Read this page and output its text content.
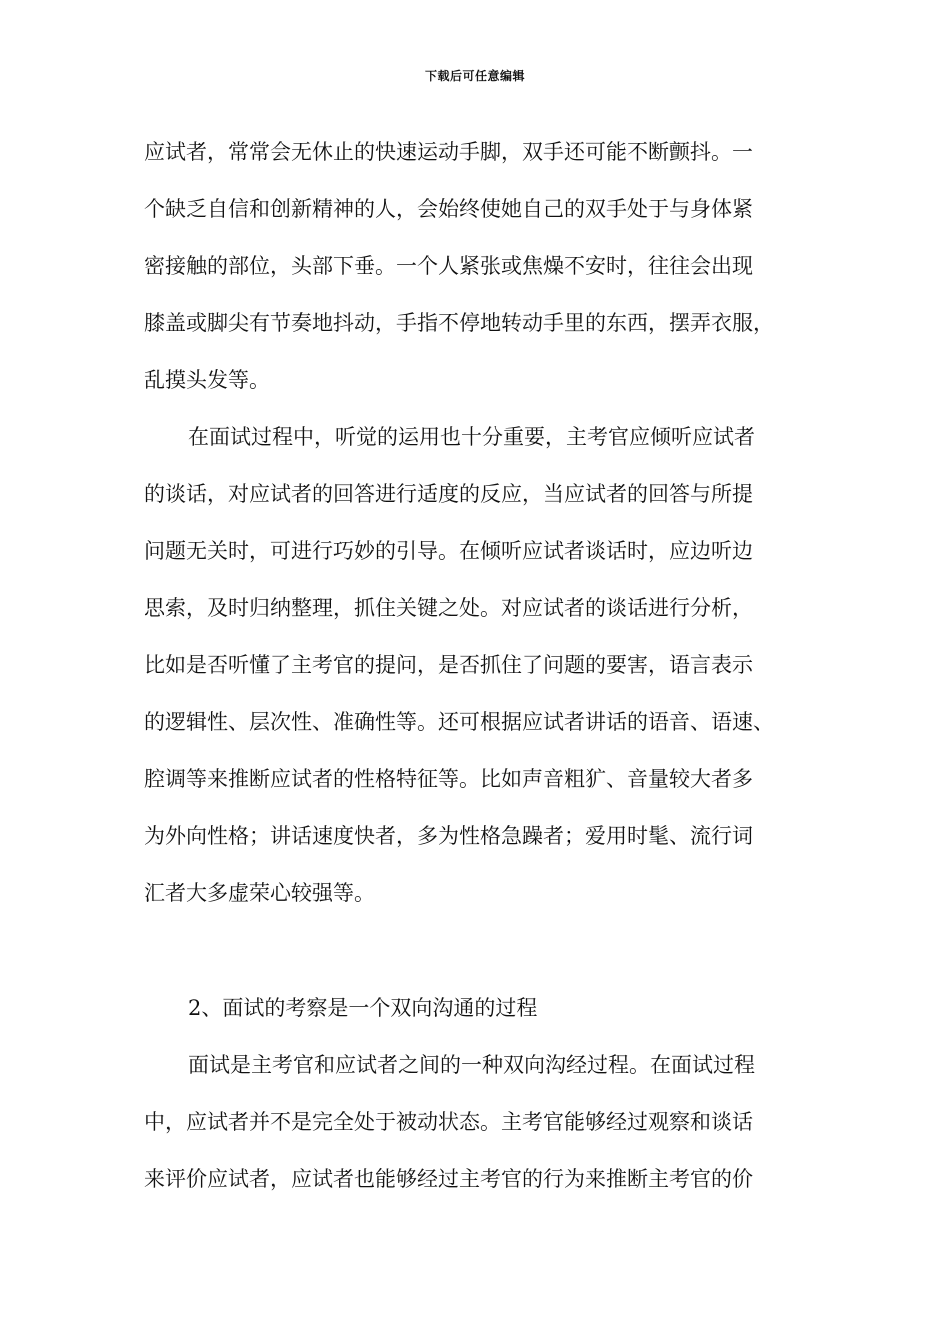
下载后可任意编辑
应试者，常常会无休止的快速运动手脚，双手还可能不断颤抖。一
个缺乏自信和创新精神的人，会始终使她自己的双手处于与身体紧
密接触的部位，头部下垂。一个人紧张或焦燥不安时，往往会出现
膝盖或脚尖有节奏地抖动，手指不停地转动手里的东西，摆弄衣服，
乱摸头发等。
在面试过程中，听觉的运用也十分重要，主考官应倾听应试者
的谈话，对应试者的回答进行适度的反应，当应试者的回答与所提
问题无关时，可进行巧妙的引导。在倾听应试者谈话时，应边听边
思索，及时归纳整理，抓住关键之处。对应试者的谈话进行分析，
比如是否听懂了主考官的提问，是否抓住了问题的要害，语言表示
的逻辑性、层次性、准确性等。还可根据应试者讲话的语音、语速、
腔调等来推断应试者的性格特征等。比如声音粗犷、音量较大者多
为外向性格；讲话速度快者，多为性格急躁者；爱用时髦、流行词
汇者大多虚荣心较强等。
2、面试的考察是一个双向沟通的过程
面试是主考官和应试者之间的一种双向沟经过程。在面试过程
中，应试者并不是完全处于被动状态。主考官能够经过观察和谈话
来评价应试者，应试者也能够经过主考官的行为来推断主考官的价
